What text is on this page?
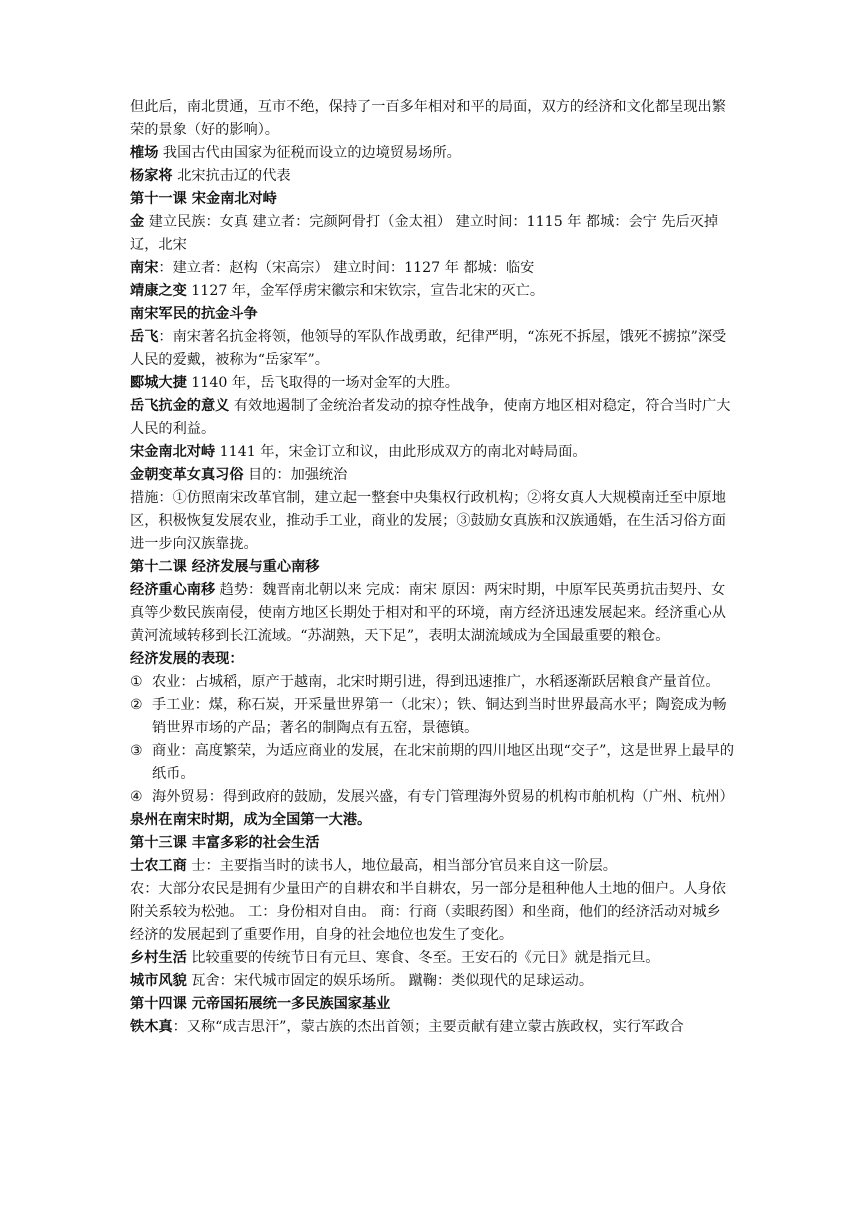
但此后，南北贯通，互市不绝，保持了一百多年相对和平的局面，双方的经济和文化都呈现出繁荣的景象（好的影响）。

榷场 我国古代由国家为征税而设立的边境贸易场所。

杨家将 北宋抗击辽的代表

第十一课 宋金南北对峙

金 建立民族：女真 建立者：完颜阿骨打（金太祖） 建立时间：1115 年 都城：会宁 先后灭掉辽，北宋

南宋：建立者：赵构（宋高宗） 建立时间：1127 年 都城：临安

靖康之变 1127 年，金军俘虏宋徽宗和宋钦宗，宣告北宋的灭亡。

南宋军民的抗金斗争

岳飞：南宋著名抗金将领，他领导的军队作战勇敢，纪律严明，“冻死不拆屋，饿死不掳掠”深受人民的爱戴，被称为“岳家军”。

郾城大捷 1140 年，岳飞取得的一场对金军的大胜。

岳飞抗金的意义 有效地遏制了金统治者发动的掠夺性战争，使南方地区相对稳定，符合当时广大人民的利益。

宋金南北对峙 1141 年，宋金订立和议，由此形成双方的南北对峙局面。

金朝变革女真习俗 目的：加强统治

措施：①仿照南宋改革官制，建立起一整套中央集权行政机构；②将女真人大规模南迁至中原地区，积极恢复发展农业，推动手工业，商业的发展；③鼓励女真族和汉族通婚，在生活习俗方面进一步向汉族靠拢。

第十二课 经济发展与重心南移

经济重心南移 趋势：魏晋南北朝以来 完成：南宋 原因：两宋时期，中原军民英勇抗击契丹、女真等少数民族南侵，使南方地区长期处于相对和平的环境，南方经济迅速发展起来。经济重心从黄河流域转移到长江流域。“苏湖熟，天下足”，表明太湖流域成为全国最重要的粮仓。

经济发展的表现：

① 农业：占城稻，原产于越南，北宋时期引进，得到迅速推广，水稻逐渐跃居粮食产量首位。

② 手工业：煤，称石炭，开采量世界第一（北宋）；铁、铜达到当时世界最高水平；陶瓷成为畅销世界市场的产品；著名的制陶点有五窑，景德镇。

③ 商业：高度繁荣，为适应商业的发展，在北宋前期的四川地区出现“交子”，这是世界上最早的纸币。

④ 海外贸易：得到政府的鼓励，发展兴盛，有专门管理海外贸易的机构市舶机构（广州、杭州）

泉州在南宋时期，成为全国第一大港。

第十三课 丰富多彩的社会生活

士农工商 士：主要指当时的读书人，地位最高，相当部分官员来自这一阶层。

农：大部分农民是拥有少量田产的自耕农和半自耕农，另一部分是租种他人土地的佃户。人身依附关系较为松弛。 工：身份相对自由。 商：行商（卖眼药图）和坐商，他们的经济活动对城乡经济的发展起到了重要作用，自身的社会地位也发生了变化。

乡村生活 比较重要的传统节日有元旦、寒食、冬至。王安石的《元日》就是指元旦。

城市风貌 瓦舍：宋代城市固定的娱乐场所。 蹴鞠：类似现代的足球运动。

第十四课 元帝国拓展统一多民族国家基业

铁木真：又称“成吉思汗”，蒙古族的杰出首领；主要贡献有建立蒙古族政权，实行军政合
